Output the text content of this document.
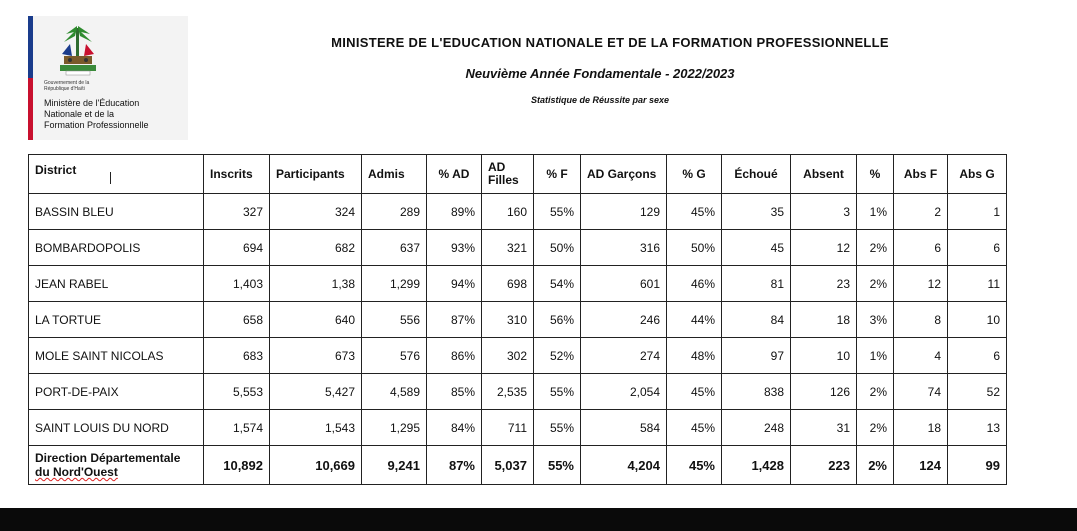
Gouvernement de la
République d'Haïti
Ministère de l'Éducation
Nationale et de la
Formation Professionnelle
MINISTERE DE L'EDUCATION NATIONALE ET DE LA FORMATION PROFESSIONNELLE
Neuvième Année Fondamentale - 2022/2023
Statistique de Réussite par sexe
District	Inscrits	Participants	Admis	% AD	AD Filles	% F	AD Garçons	% G	Échoué	Absent	%	Abs F	Abs G
BASSIN BLEU	327	324	289	89%	160	55%	129	45%	35	3	1%	2	1
BOMBARDOPOLIS	694	682	637	93%	321	50%	316	50%	45	12	2%	6	6
JEAN RABEL	1,403	1,38	1,299	94%	698	54%	601	46%	81	23	2%	12	11
LA TORTUE	658	640	556	87%	310	56%	246	44%	84	18	3%	8	10
MOLE SAINT NICOLAS	683	673	576	86%	302	52%	274	48%	97	10	1%	4	6
PORT-DE-PAIX	5,553	5,427	4,589	85%	2,535	55%	2,054	45%	838	126	2%	74	52
SAINT LOUIS DU NORD	1,574	1,543	1,295	84%	711	55%	584	45%	248	31	2%	18	13

Direction Départementale
du Nord'Ouest	10,892	10,669	9,241	87%	5,037	55%	4,204	45%	1,428	223	2%	124	99
